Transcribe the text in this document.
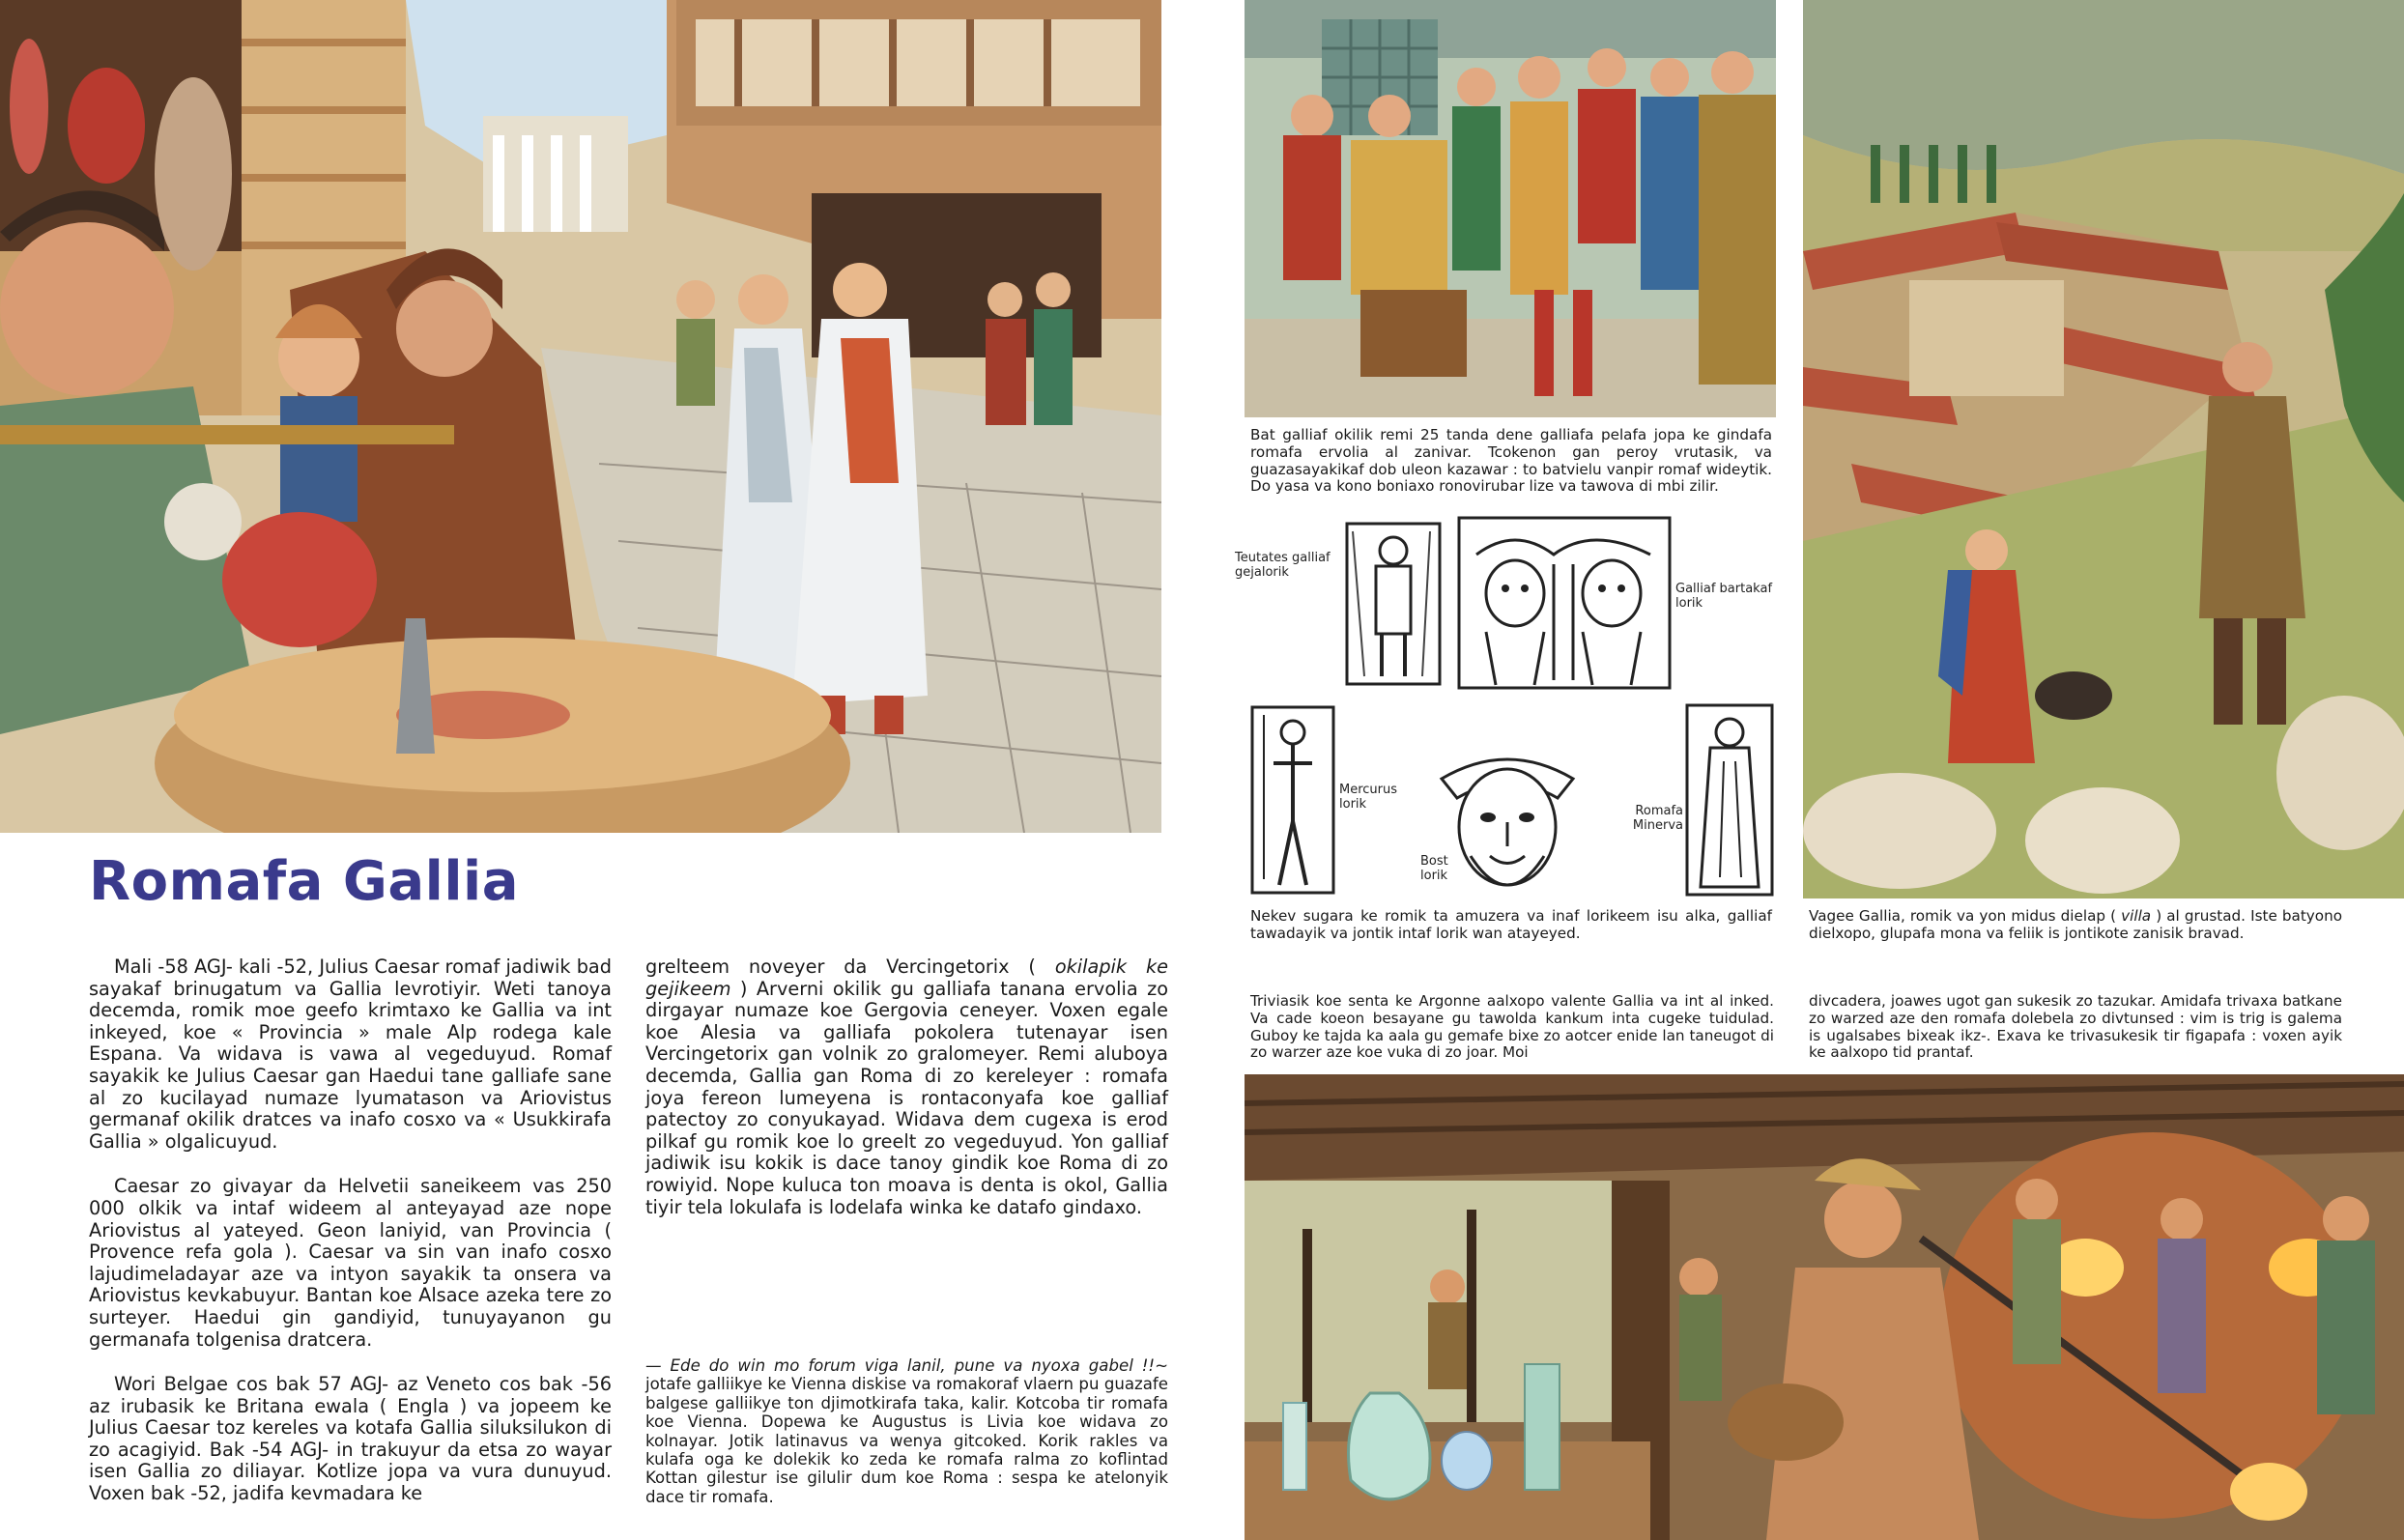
Romafa Gallia

Mali -58 AGJ- kali -52, Julius Caesar romaf jadiwik bad sayakaf brinugatum va Gallia levrotiyir. Weti tanoya decemda, romik moe geefo krimtaxo ke Gallia va int inkeyed, koe « Provincia » male Alp rodega kale Espana. Va widava is vawa al vegeduyud. Romaf sayakik ke Julius Caesar gan Haedui tane galliafe sane al zo kucilayad numaze lyumatason va Ariovistus germanaf okilik dratces va inafo cosxo va « Usukkirafa Gallia » olgalicuyud.

Caesar zo givayar da Helvetii saneikeem vas 250 000 olkik va intaf wideem al anteyayad aze nope Ariovistus al yateyed. Geon laniyid, van Provincia ( Provence refa gola ). Caesar va sin van inafo cosxo lajudimeladayar aze va intyon sayakik ta onsera va Ariovistus kevkabuyur. Bantan koe Alsace azeka tere zo surteyer. Haedui gin gandiyid, tunuyayanon gu germanafa tolgenisa dratcera.

Wori Belgae cos bak 57 AGJ- az Veneto cos bak -56 az irubasik ke Britana ewala ( Engla ) va jopeem ke Julius Caesar toz kereles va kotafa Gallia siluksilukon di zo acagiyid. Bak -54 AGJ- in trakuyur da etsa zo wayar isen Gallia zo diliayar. Kotlize jopa va vura dunuyud. Voxen bak -52, jadifa kevmadara ke

grelteem noveyer da Vercingetorix ( okilapik ke gejikeem ) Arverni okilik gu galliafa tanana ervolia zo dirgayar numaze koe Gergovia ceneyer. Voxen egale koe Alesia va galliafa pokolera tutenayar isen Vercingetorix gan volnik zo gralomeyer. Remi aluboya decemda, Gallia gan Roma di zo kereleyer : romafa joya fereon lumeyena is rontaconyafa koe galliaf patectoy zo conyukayad. Widava dem cugexa is erod pilkaf gu romik koe lo greelt zo vegeduyud. Yon galliaf jadiwik isu kokik is dace tanoy gindik koe Roma di zo rowiyid. Nope kuluca ton moava is denta is okol, Gallia tiyir tela lokulafa is lodelafa winka ke datafo gindaxo.

— Ede do win mo forum viga lanil, pune va nyoxa gabel !!~ jotafe galliikye ke Vienna diskise va romakoraf vlaern pu guazafe balgese galliikye ton djimotkirafa taka, kalir. Kotcoba tir romafa koe Vienna. Dopewa ke Augustus is Livia koe widava zo kolnayar. Jotik latinavus va wenya gitcoked. Korik rakles va kulafa oga ke dolekik ko zeda ke romafa ralma zo koflintad Kottan gilestur ise gilulir dum koe Roma : sespa ke atelonyik dace tir romafa.
Bat galliaf okilik remi 25 tanda dene galliafa pelafa jopa ke gindafa romafa ervolia al zanivar. Tcokenon gan peroy vrutasik, va guazasayakikaf dob uleon kazawar : to batvielu vanpir romaf wideytik. Do yasa va kono boniaxo ronovirubar lize va tawova di mbi zilir.
Teutates galliaf gejalorik
Galliaf bartakaf lorik
Mercurus lorik
Bost lorik
Romafa Minerva
Nekev sugara ke romik ta amuzera va inaf lorikeem isu alka, galliaf tawadayik va jontik intaf lorik wan atayeyed.
Vagee Gallia, romik va yon midus dielap ( villa ) al grustad. Iste batyono dielxopo, glupafa mona va feliik is jontikote zanisik bravad.
Triviasik koe senta ke Argonne aalxopo valente Gallia va int al inked. Va cade koeon besayane gu tawolda kankum inta cugeke tuidulad. Guboy ke tajda ka aala gu gemafe bixe zo aotcer enide lan taneugot di zo warzer aze koe vuka di zo joar. Moi
divcadera, joawes ugot gan sukesik zo tazukar. Amidafa trivaxa batkane zo warzed aze den romafa dolebela zo divtunsed : vim is trig is galema is ugalsabes bixeak ikz-. Exava ke trivasukesik tir figapafa : voxen ayik ke aalxopo tid prantaf.
